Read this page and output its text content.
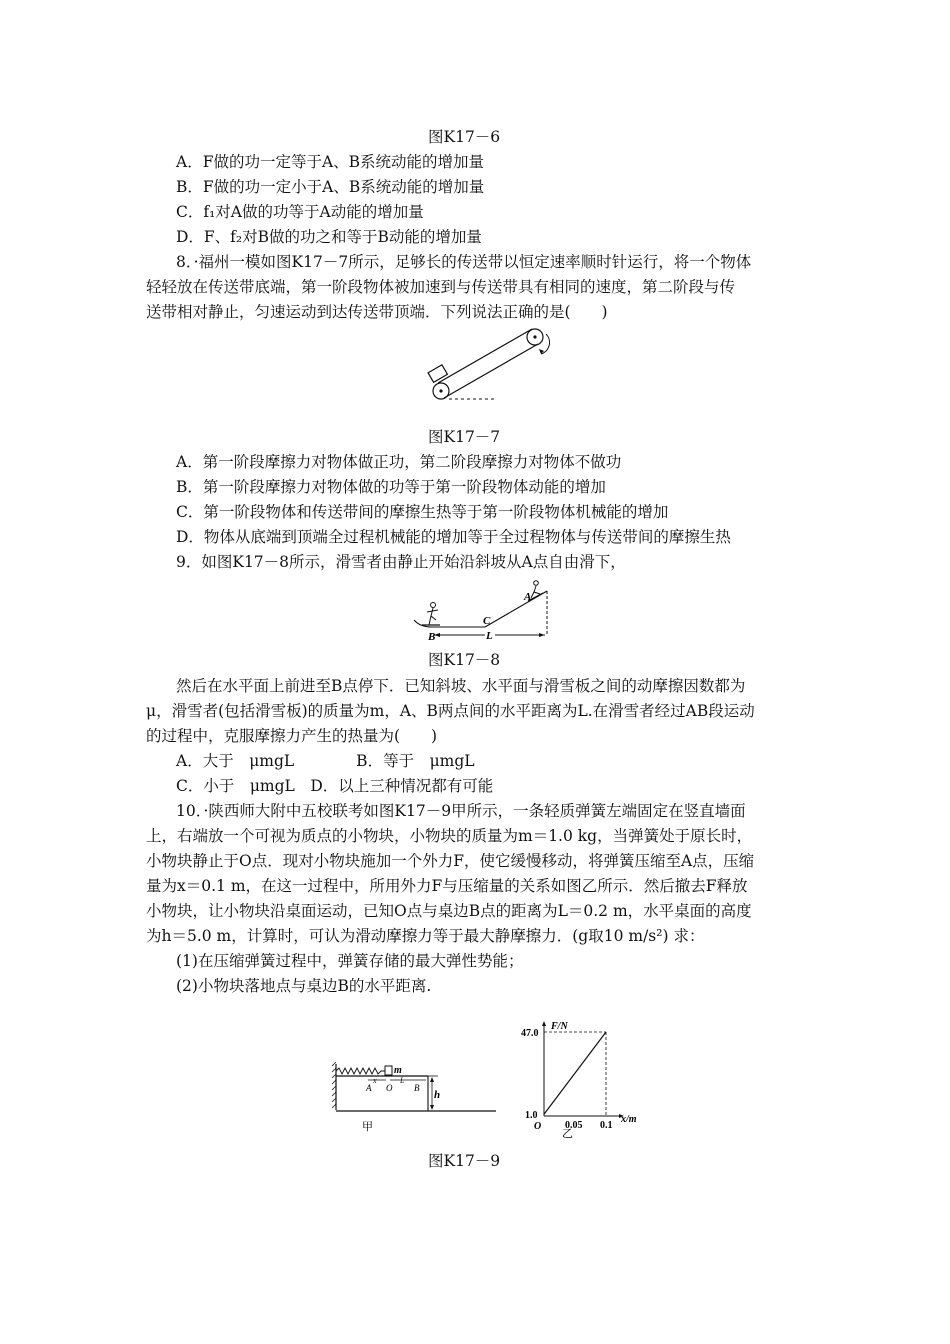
图K17－6
A．F做的功一定等于A、B系统动能的增加量
B．F做的功一定小于A、B系统动能的增加量
C．f₁对A做的功等于A动能的增加量
D．F、f₂对B做的功之和等于B动能的增加量
8．·福州一模如图K17－7所示，足够长的传送带以恒定速率顺时针运行，将一个物体
轻轻放在传送带底端，第一阶段物体被加速到与传送带具有相同的速度，第二阶段与传
送带相对静止，匀速运动到达传送带顶端．下列说法正确的是(　　)
图K17－7
A．第一阶段摩擦力对物体做正功，第二阶段摩擦力对物体不做功
B．第一阶段摩擦力对物体做的功等于第一阶段物体动能的增加
C．第一阶段物体和传送带间的摩擦生热等于第一阶段物体机械能的增加
D．物体从底端到顶端全过程机械能的增加等于全过程物体与传送带间的摩擦生热
9．如图K17－8所示，滑雪者由静止开始沿斜坡从A点自由滑下，
A
C
B	L
图K17－8
然后在水平面上前进至B点停下．已知斜坡、水平面与滑雪板之间的动摩擦因数都为
μ，滑雪者(包括滑雪板)的质量为m，A、B两点间的水平距离为L.在滑雪者经过AB段运动
的过程中，克服摩擦力产生的热量为(　　)
A．大于　μmgL　　　　B．等于　μmgL
C．小于　μmgL　D．以上三种情况都有可能
10．·陕西师大附中五校联考如图K17－9甲所示，一条轻质弹簧左端固定在竖直墙面
上，右端放一个可视为质点的小物块，小物块的质量为m＝1.0 kg，当弹簧处于原长时，
小物块静止于O点．现对小物块施加一个外力F，使它缓慢移动，将弹簧压缩至A点，压缩
量为x＝0.1 m，在这一过程中，所用外力F与压缩量的关系如图乙所示．然后撤去F释放
小物块，让小物块沿桌面运动，已知O点与桌边B点的距离为L＝0.2 m，水平桌面的高度
为h＝5.0 m，计算时，可认为滑动摩擦力等于最大静摩擦力．(g取10 m/s²) 求：
(1)在压缩弹簧过程中，弹簧存储的最大弹性势能；
(2)小物块落地点与桌边B的水平距离.
m
h
x	L
A O B
甲
F/N
x/m
O
乙
47.0
1.0
0.05 0.1
图K17－9
